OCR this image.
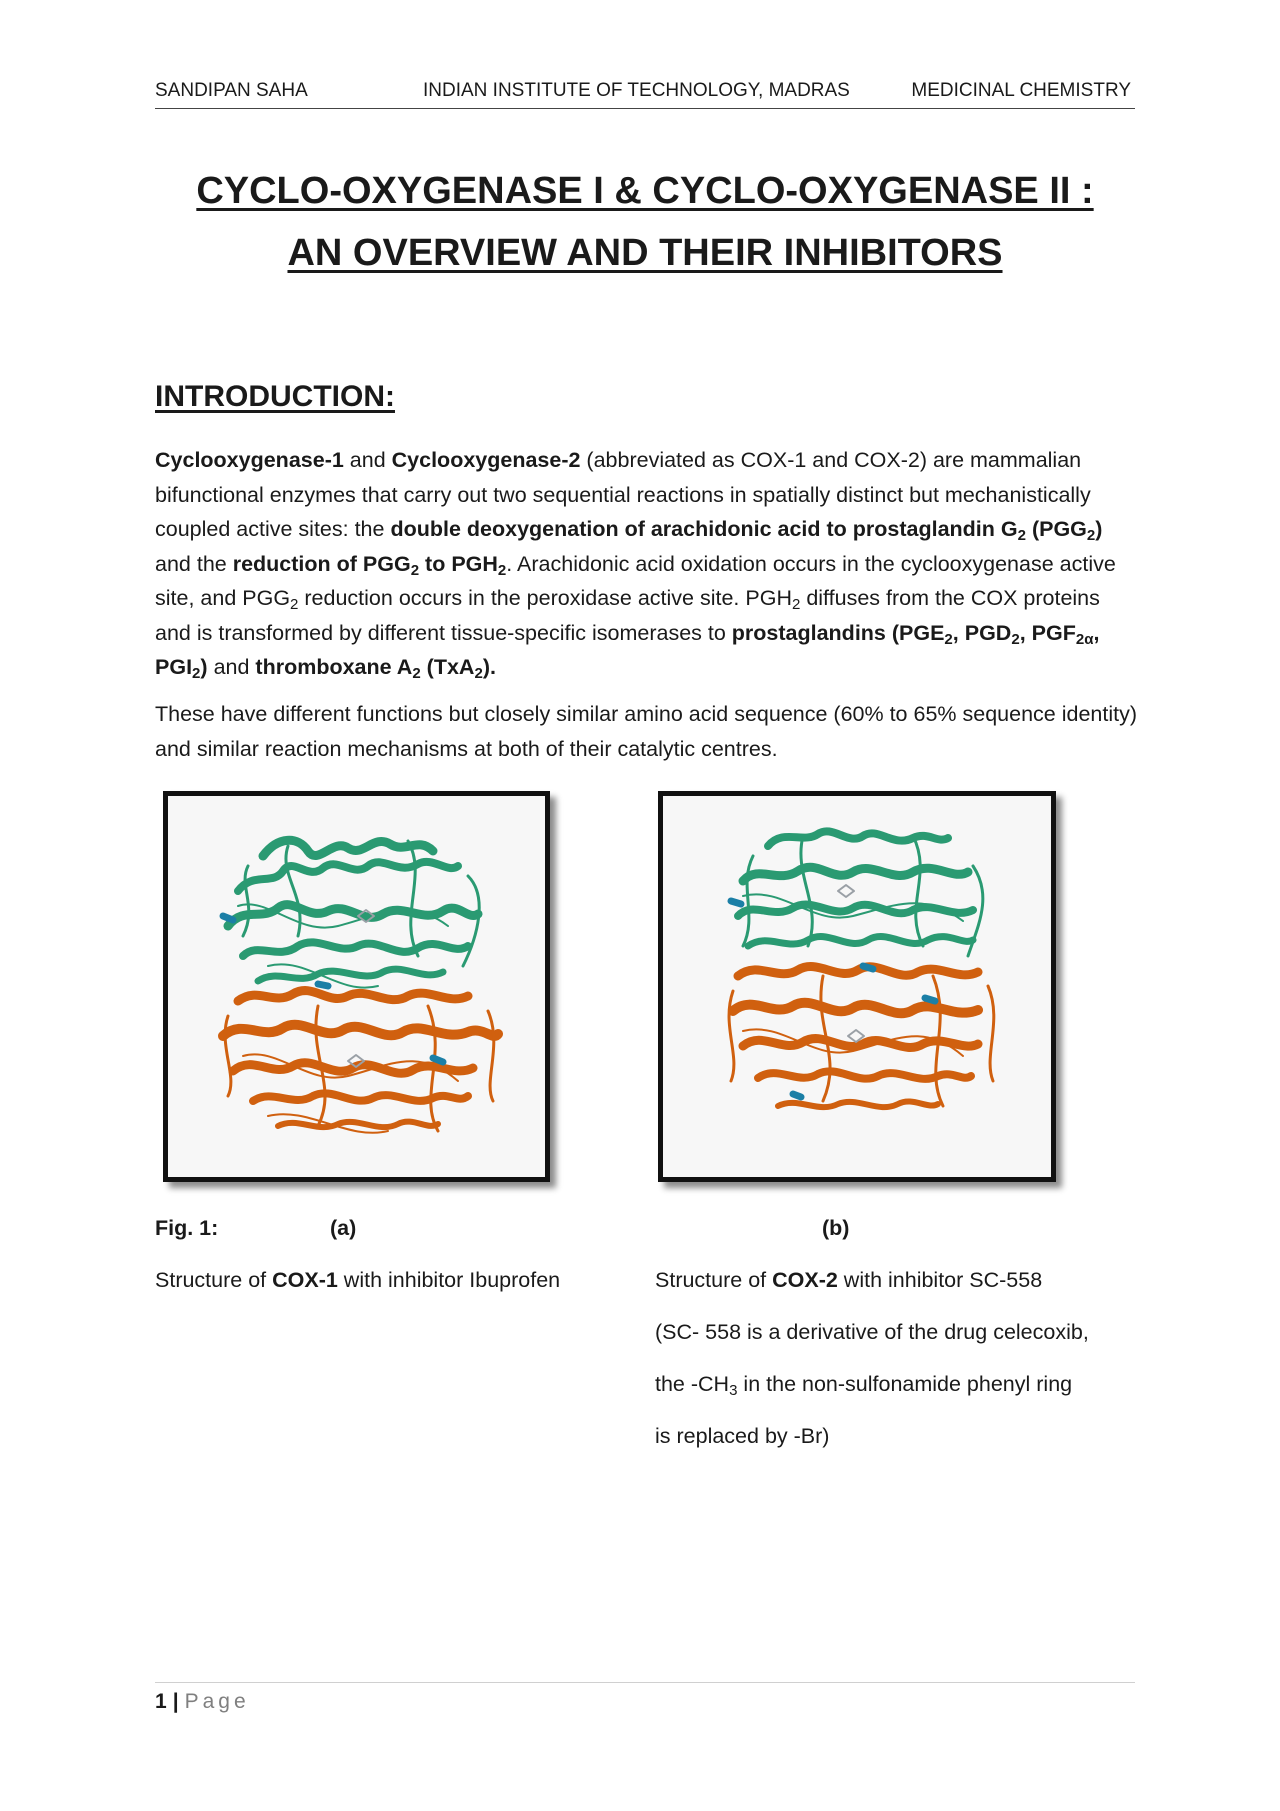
SANDIPAN SAHA	INDIAN INSTITUTE OF TECHNOLOGY, MADRAS	MEDICINAL CHEMISTRY
CYCLO-OXYGENASE I & CYCLO-OXYGENASE II :
AN OVERVIEW AND THEIR INHIBITORS
INTRODUCTION:
Cyclooxygenase-1 and Cyclooxygenase-2 (abbreviated as COX-1 and COX-2) are mammalian bifunctional enzymes that carry out two sequential reactions in spatially distinct but mechanistically coupled active sites: the double deoxygenation of arachidonic acid to prostaglandin $G_2$ $(PGG_2)$ and the reduction of $PGG_2$ to $PGH_2$. Arachidonic acid oxidation occurs in the cyclooxygenase active site, and $PGG_2$ reduction occurs in the peroxidase active site. $PGH_2$ diffuses from the COX proteins and is transformed by different tissue-specific isomerases to prostaglandins ($PGE_2$, $PGD_2$, $PGF_{2\alpha}$, $PGI_2$) and thromboxane $A_2$ (TxA$_2$).
These have different functions but closely similar amino acid sequence (60% to 65% sequence identity) and similar reaction mechanisms at both of their catalytic centres.
Fig. 1:	(a)	(b)
Structure of COX-1 with inhibitor Ibuprofen	Structure of COX-2 with inhibitor SC-558
(SC- 558 is a derivative of the drug celecoxib,
the $-CH_3$ in the non-sulfonamide phenyl ring
is replaced by -Br)
1 | Page
